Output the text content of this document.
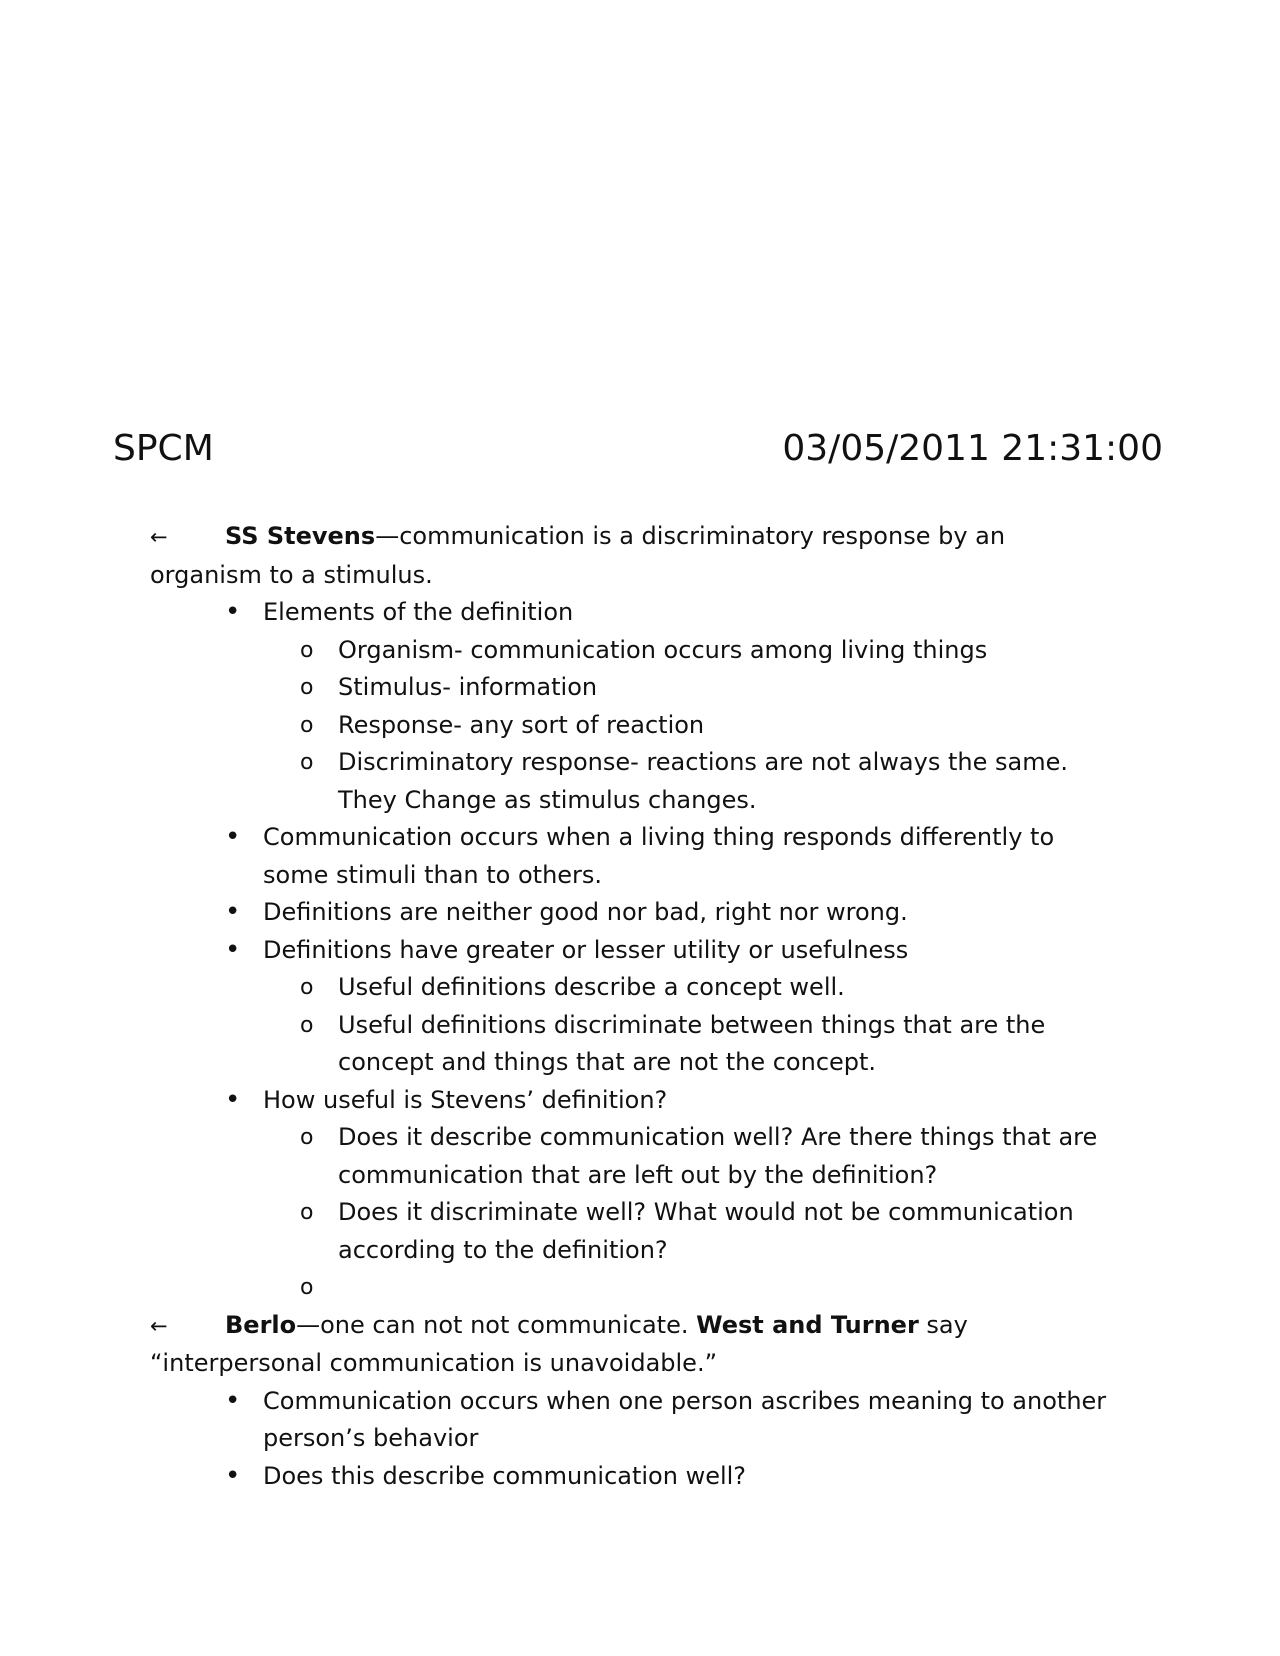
SPCM	03/05/2011 21:31:00
← SS Stevens—communication is a discriminatory response by an organism to a stimulus.
• Elements of the definition
o Organism- communication occurs among living things
o Stimulus- information
o Response- any sort of reaction
o Discriminatory response- reactions are not always the same. They Change as stimulus changes.
• Communication occurs when a living thing responds differently to some stimuli than to others.
• Definitions are neither good nor bad, right nor wrong.
• Definitions have greater or lesser utility or usefulness
o Useful definitions describe a concept well.
o Useful definitions discriminate between things that are the concept and things that are not the concept.
• How useful is Stevens’ definition?
o Does it describe communication well? Are there things that are communication that are left out by the definition?
o Does it discriminate well? What would not be communication according to the definition?
o
← Berlo—one can not not communicate. West and Turner say “interpersonal communication is unavoidable.”
• Communication occurs when one person ascribes meaning to another person’s behavior
• Does this describe communication well?
